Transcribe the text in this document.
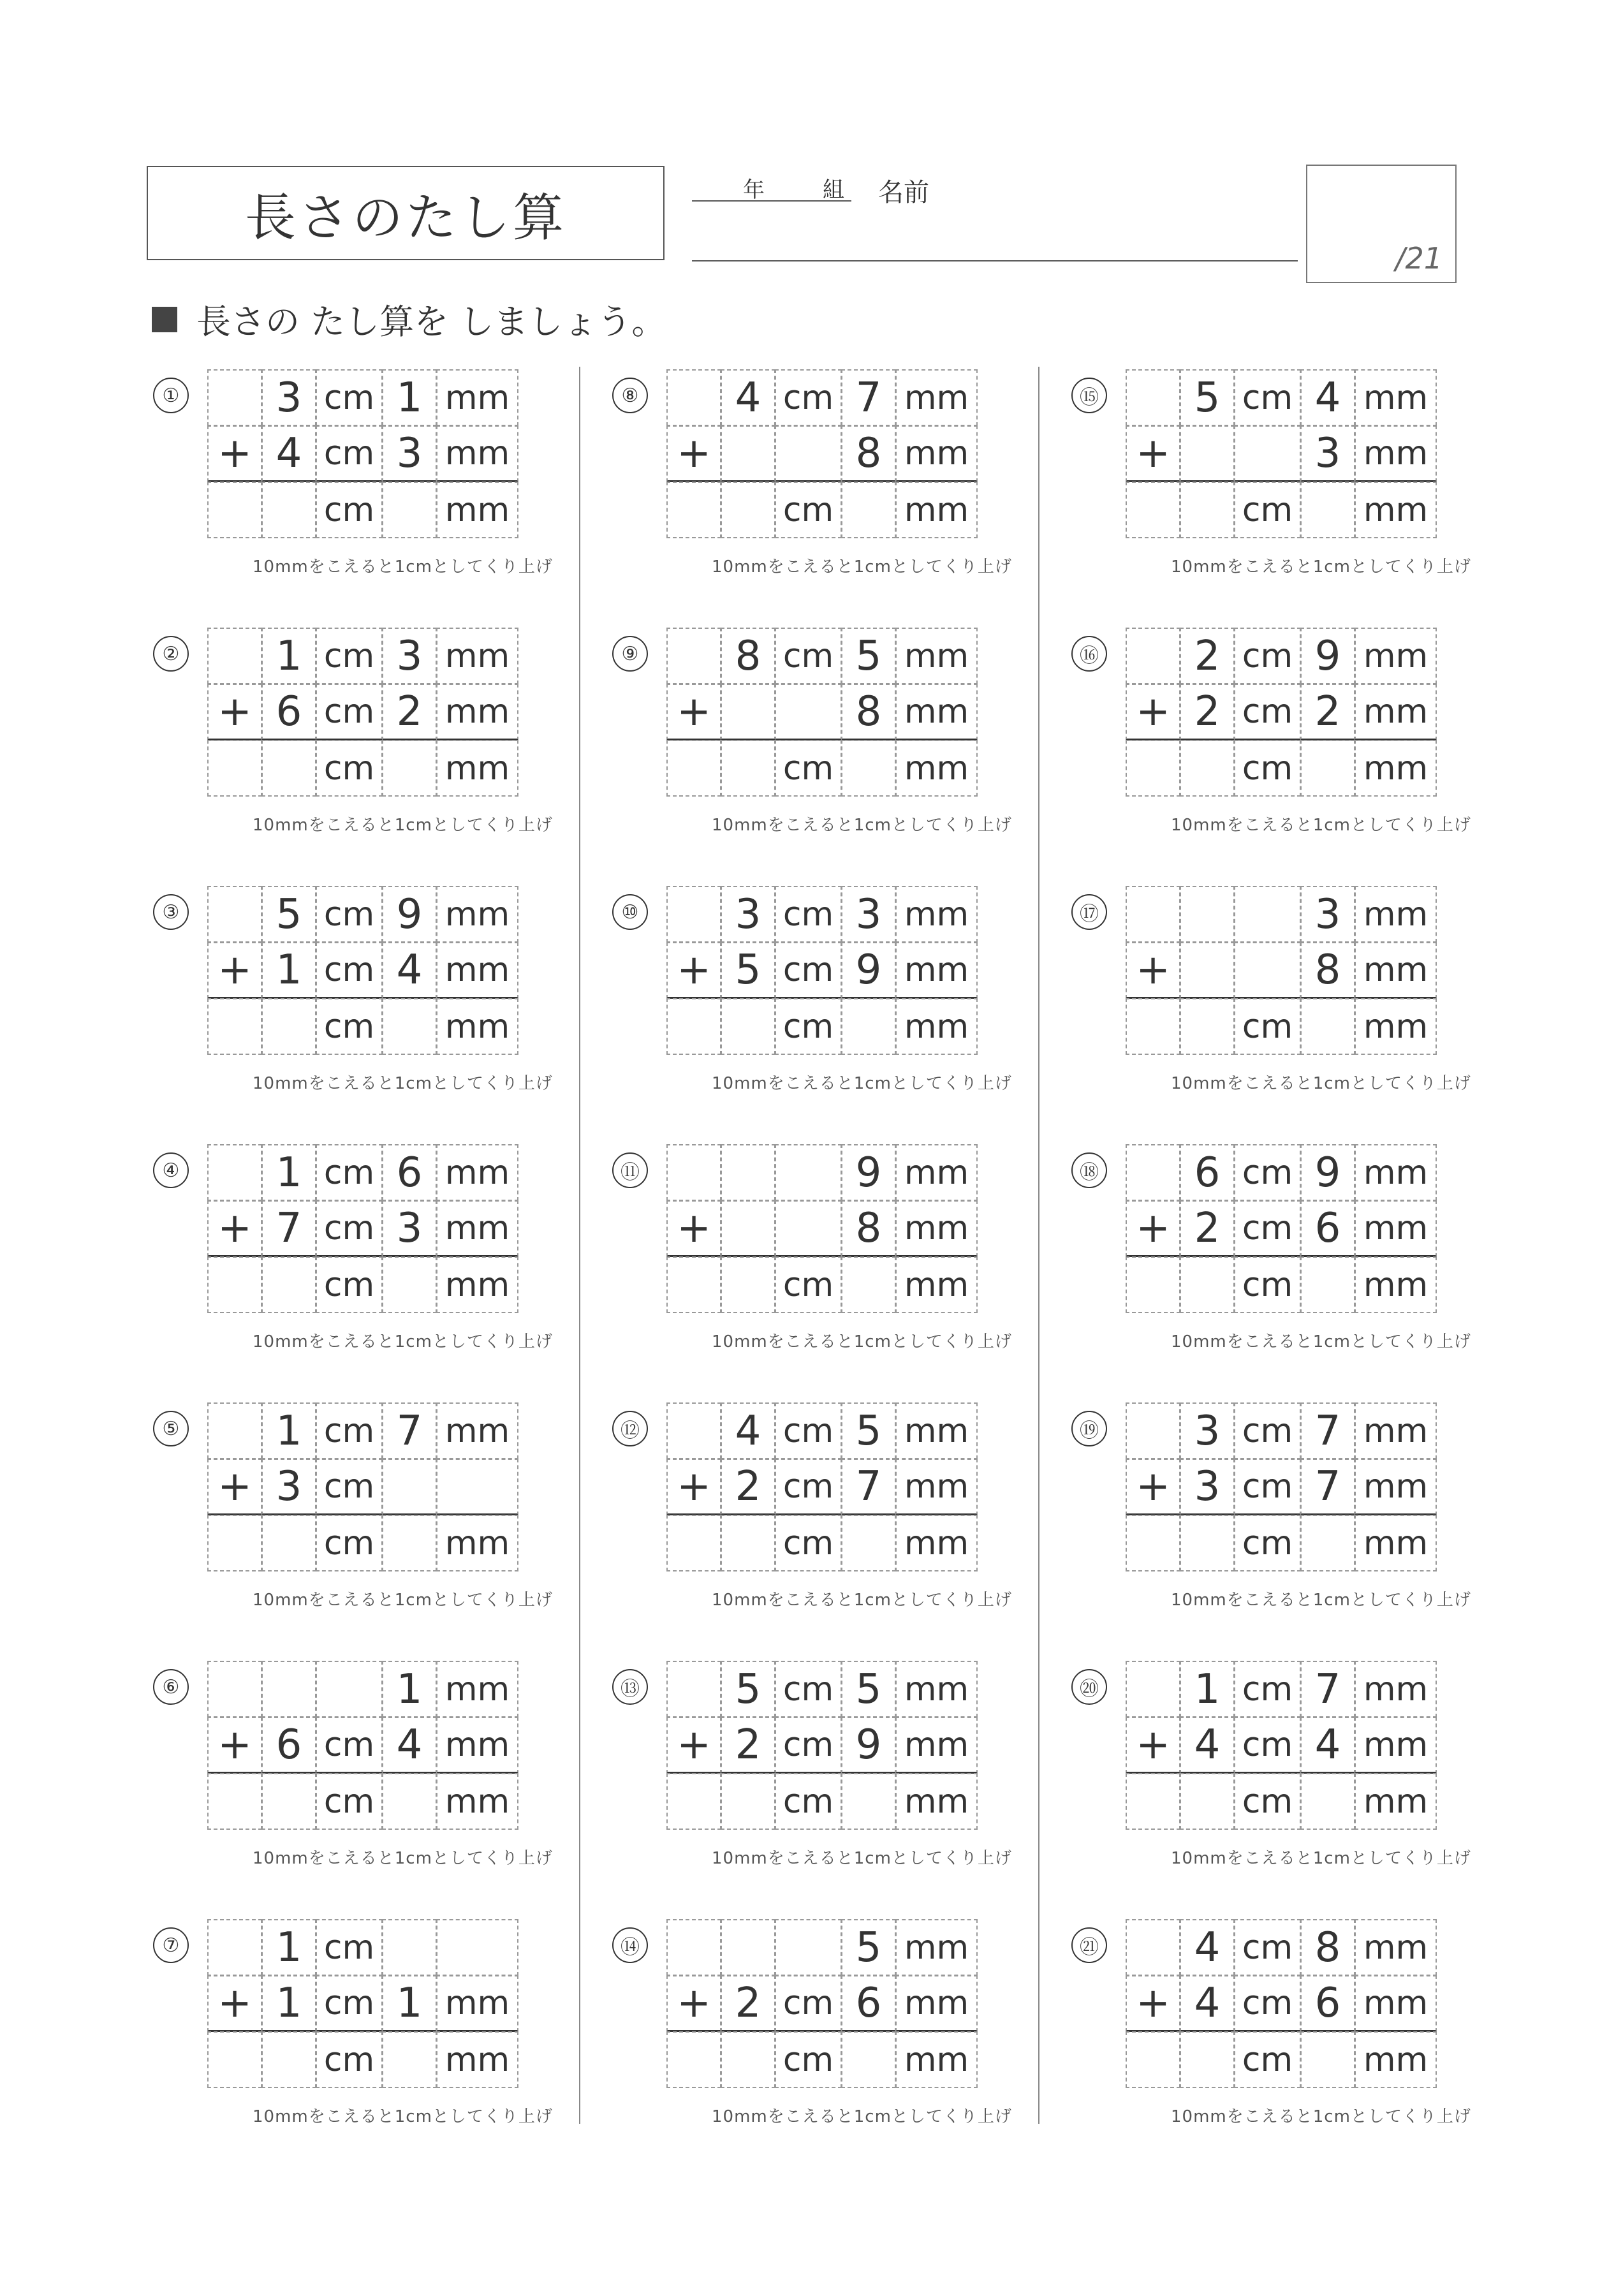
長さのたし算	年	組 名前
/21
長さの たし算を しましょう。
①	3 cm 1 mm
+ 4 cm 3 mm
cm mm
10mmをこえると1cmとしてくり上げ
②	1 cm 3 mm
+ 6 cm 2 mm
cm mm
10mmをこえると1cmとしてくり上げ
③	5 cm 9 mm
+ 1 cm 4 mm
cm mm
10mmをこえると1cmとしてくり上げ
④	1 cm 6 mm
+ 7 cm 3 mm
cm mm
10mmをこえると1cmとしてくり上げ
⑤	1 cm 7 mm
+ 3 cm
cm mm
10mmをこえると1cmとしてくり上げ
⑥	1 mm
+ 6 cm 4 mm
cm mm
10mmをこえると1cmとしてくり上げ
⑦	1 cm
+ 1 cm 1 mm
cm mm
10mmをこえると1cmとしてくり上げ
⑧	4 cm 7 mm
+	8 mm
cm mm
10mmをこえると1cmとしてくり上げ
⑨	8 cm 5 mm
+	8 mm
cm mm
10mmをこえると1cmとしてくり上げ
⑩	3 cm 3 mm
+ 5 cm 9 mm
cm mm
10mmをこえると1cmとしてくり上げ
⑪	9 mm
+	8 mm
cm mm
10mmをこえると1cmとしてくり上げ
⑫	4 cm 5 mm
+ 2 cm 7 mm
cm mm
10mmをこえると1cmとしてくり上げ
⑬	5 cm 5 mm
+ 2 cm 9 mm
cm mm
10mmをこえると1cmとしてくり上げ
⑭	5 mm
+ 2 cm 6 mm
cm mm
10mmをこえると1cmとしてくり上げ
⑮	5 cm 4 mm
+	3 mm
cm mm
10mmをこえると1cmとしてくり上げ
⑯	2 cm 9 mm
+ 2 cm 2 mm
cm mm
10mmをこえると1cmとしてくり上げ
⑰	3 mm
+	8 mm
cm mm
10mmをこえると1cmとしてくり上げ
⑱	6 cm 9 mm
+ 2 cm 6 mm
cm mm
10mmをこえると1cmとしてくり上げ
⑲	3 cm 7 mm
+ 3 cm 7 mm
cm mm
10mmをこえると1cmとしてくり上げ
⑳	1 cm 7 mm
+ 4 cm 4 mm
cm mm
10mmをこえると1cmとしてくり上げ
㉑	4 cm 8 mm
+ 4 cm 6 mm
cm mm
10mmをこえると1cmとしてくり上げ
